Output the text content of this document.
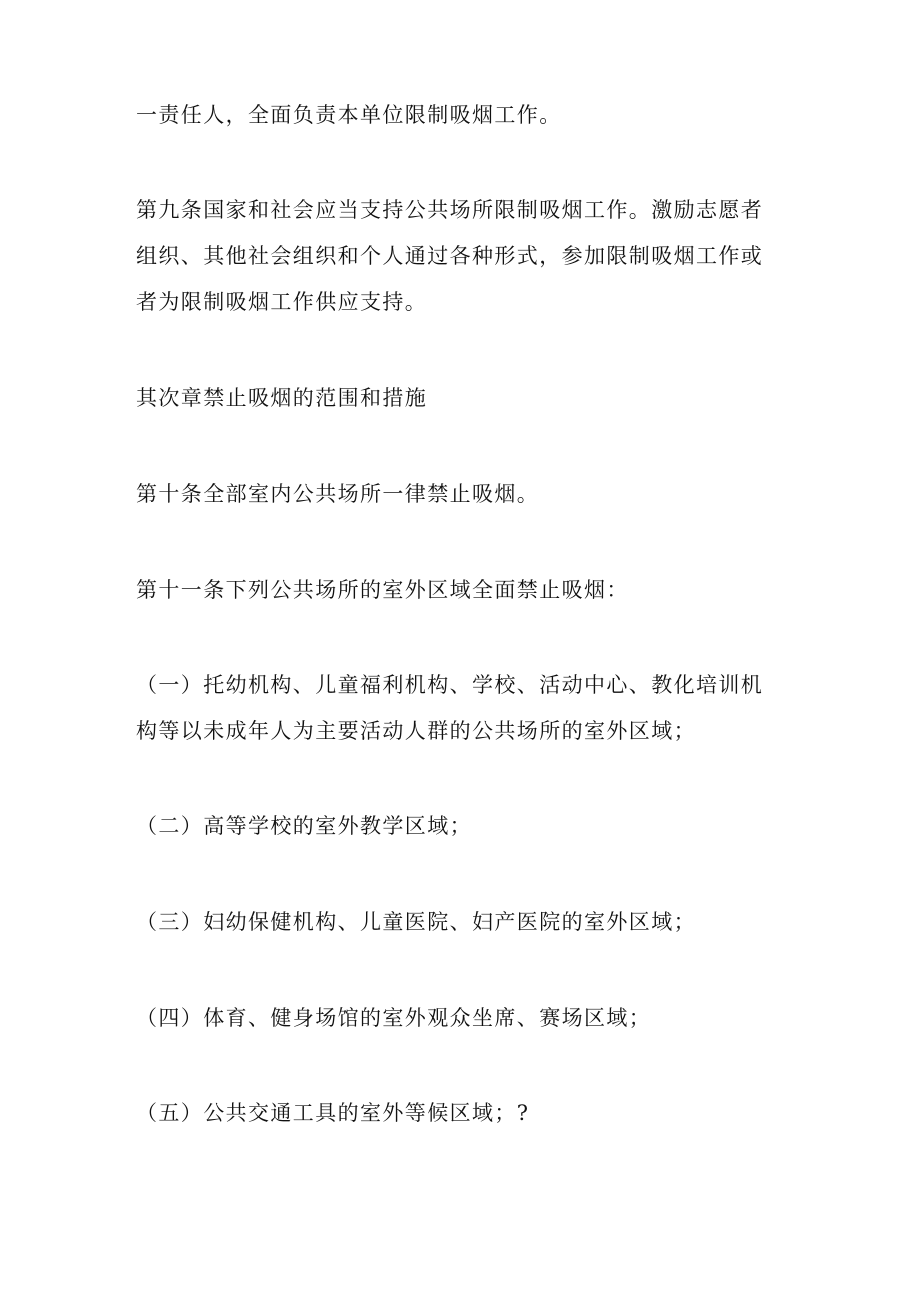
一责任人，全面负责本单位限制吸烟工作。

第九条国家和社会应当支持公共场所限制吸烟工作。激励志愿者
组织、其他社会组织和个人通过各种形式，参加限制吸烟工作或
者为限制吸烟工作供应支持。

其次章禁止吸烟的范围和措施

第十条全部室内公共场所一律禁止吸烟。

第十一条下列公共场所的室外区域全面禁止吸烟：

（一）托幼机构、儿童福利机构、学校、活动中心、教化培训机
构等以未成年人为主要活动人群的公共场所的室外区域；

（二）高等学校的室外教学区域；

（三）妇幼保健机构、儿童医院、妇产医院的室外区域；

（四）体育、健身场馆的室外观众坐席、赛场区域；

（五）公共交通工具的室外等候区域；?
